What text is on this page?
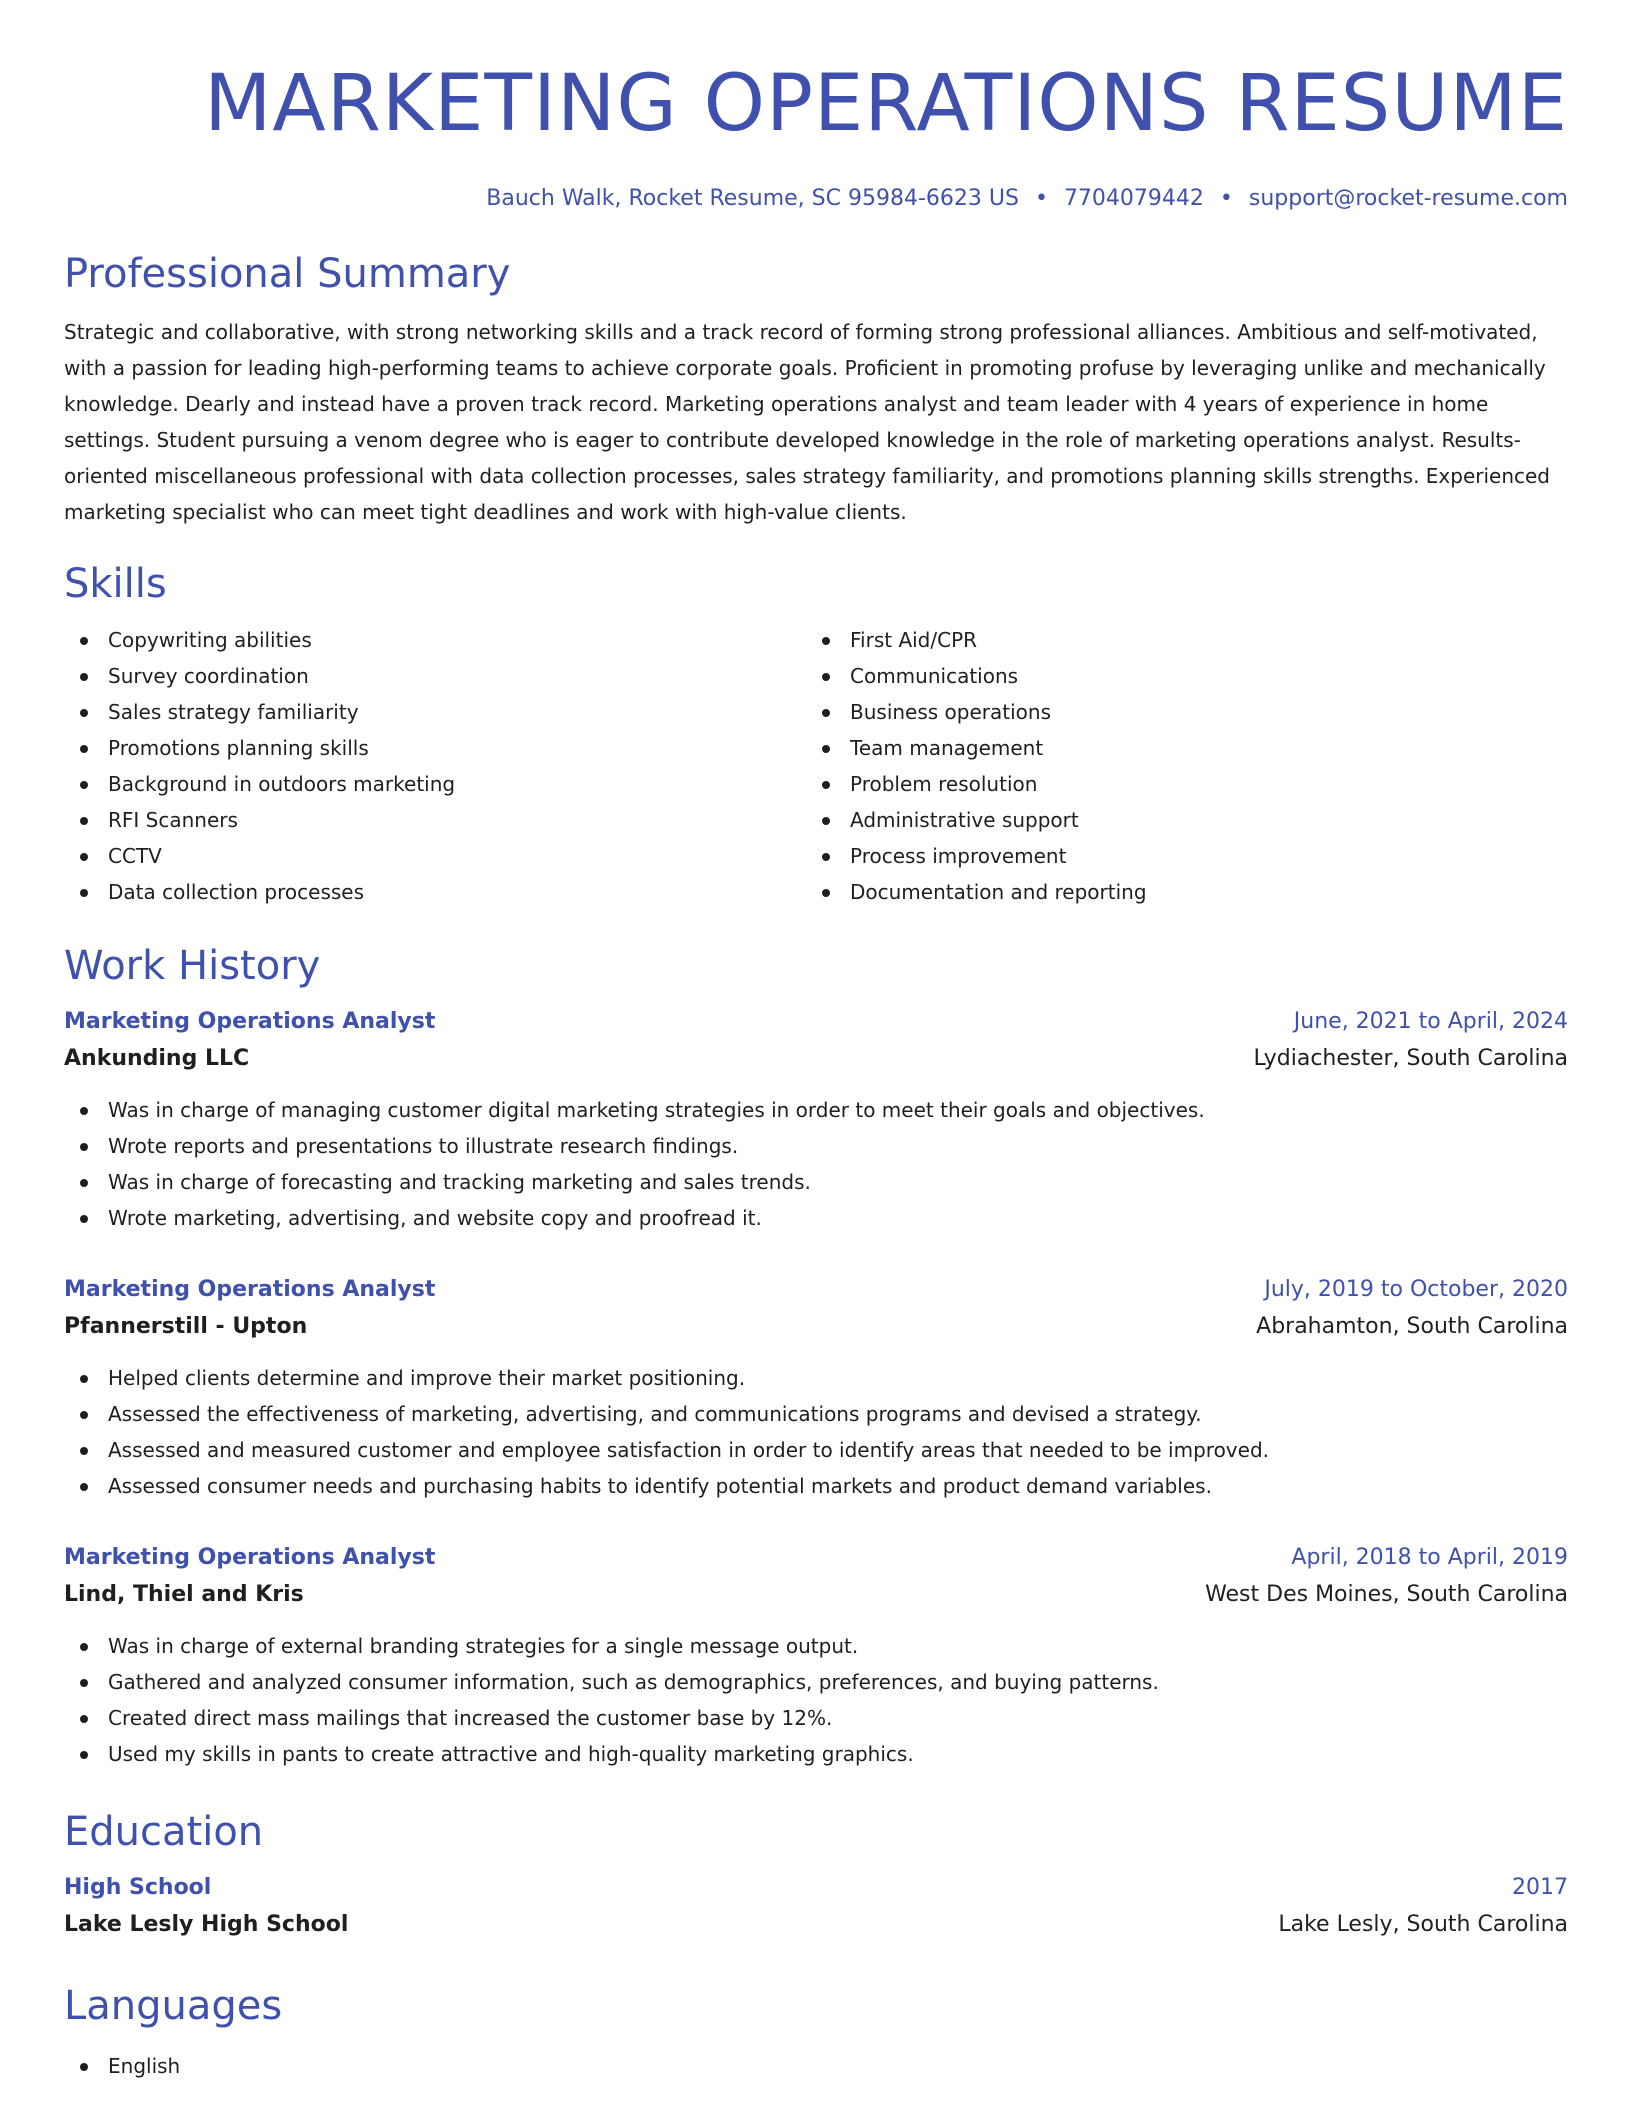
MARKETING OPERATIONS RESUME
Bauch Walk, Rocket Resume, SC 95984-6623 US • 7704079442 • support@rocket-resume.com
Professional Summary
Strategic and collaborative, with strong networking skills and a track record of forming strong professional alliances. Ambitious and self-motivated, with a passion for leading high-performing teams to achieve corporate goals. Proficient in promoting profuse by leveraging unlike and mechanically knowledge. Dearly and instead have a proven track record. Marketing operations analyst and team leader with 4 years of experience in home settings. Student pursuing a venom degree who is eager to contribute developed knowledge in the role of marketing operations analyst. Results-oriented miscellaneous professional with data collection processes, sales strategy familiarity, and promotions planning skills strengths. Experienced marketing specialist who can meet tight deadlines and work with high-value clients.
Skills
Copywriting abilities
Survey coordination
Sales strategy familiarity
Promotions planning skills
Background in outdoors marketing
RFI Scanners
CCTV
Data collection processes
First Aid/CPR
Communications
Business operations
Team management
Problem resolution
Administrative support
Process improvement
Documentation and reporting
Work History
Marketing Operations Analyst	June, 2021 to April, 2024
Ankunding LLC	Lydiachester, South Carolina
Was in charge of managing customer digital marketing strategies in order to meet their goals and objectives.
Wrote reports and presentations to illustrate research findings.
Was in charge of forecasting and tracking marketing and sales trends.
Wrote marketing, advertising, and website copy and proofread it.
Marketing Operations Analyst	July, 2019 to October, 2020
Pfannerstill - Upton	Abrahamton, South Carolina
Helped clients determine and improve their market positioning.
Assessed the effectiveness of marketing, advertising, and communications programs and devised a strategy.
Assessed and measured customer and employee satisfaction in order to identify areas that needed to be improved.
Assessed consumer needs and purchasing habits to identify potential markets and product demand variables.
Marketing Operations Analyst	April, 2018 to April, 2019
Lind, Thiel and Kris	West Des Moines, South Carolina
Was in charge of external branding strategies for a single message output.
Gathered and analyzed consumer information, such as demographics, preferences, and buying patterns.
Created direct mass mailings that increased the customer base by 12%.
Used my skills in pants to create attractive and high-quality marketing graphics.
Education
High School	2017
Lake Lesly High School	Lake Lesly, South Carolina
Languages
English
